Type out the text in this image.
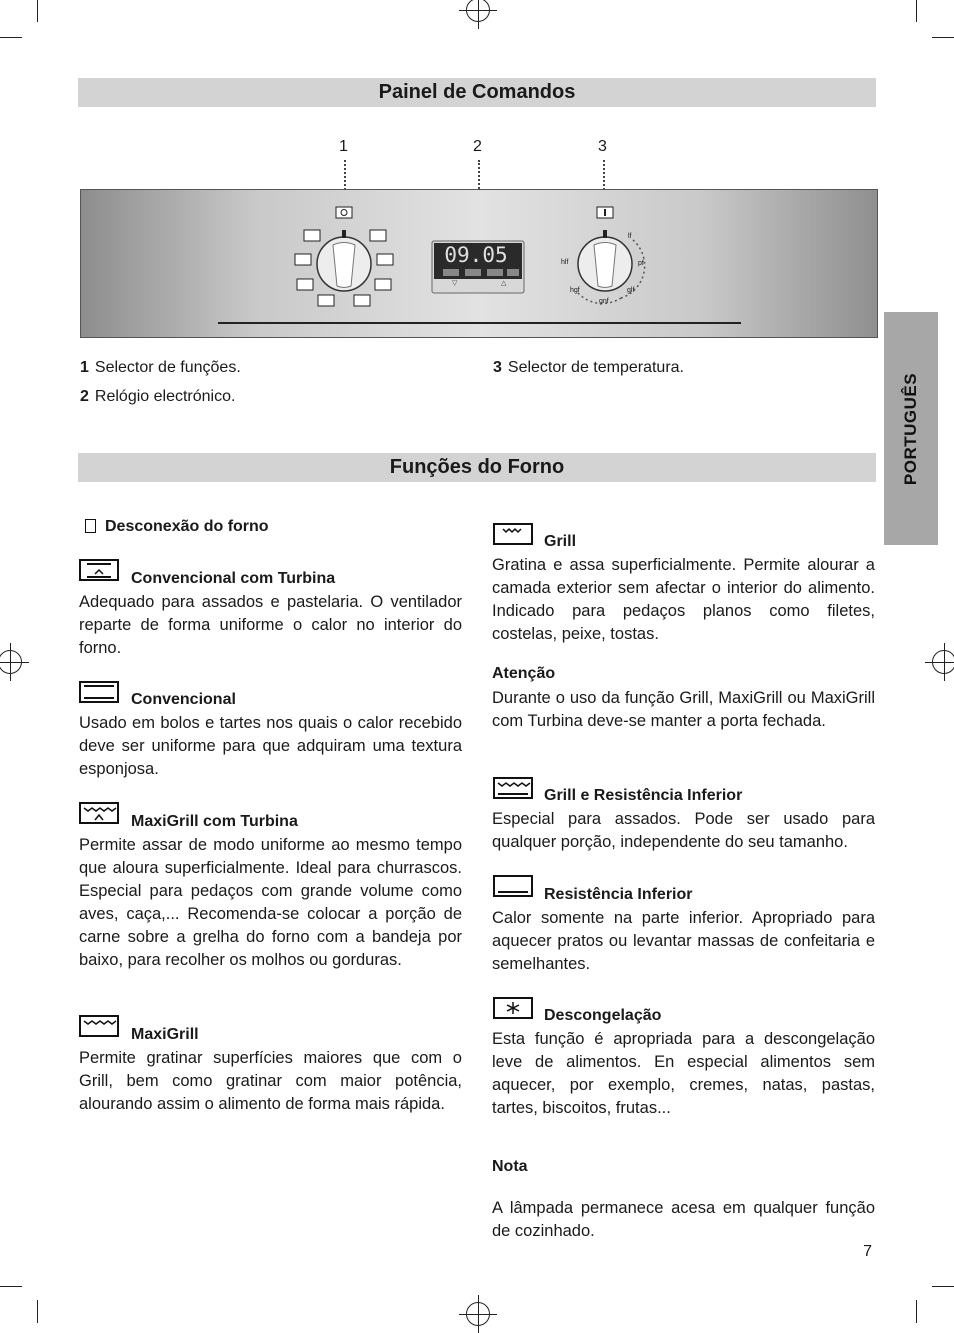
Painel de Comandos
1	2	3
▽	△
09.05	hlf
lf
pf
hgf
gnf
glf
1 Selector de funções.
2 Relógio electrónico.
3 Selector de temperatura.
PORTUGUÊS
Funções do Forno
Desconexão do forno
Convencional com Turbina
Adequado para assados e pastelaria. O ventilador reparte de forma uniforme o calor no interior do forno.
Convencional
Usado em bolos e tartes nos quais o calor recebido deve ser uniforme para que adquiram uma textura esponjosa.
MaxiGrill com Turbina
Permite assar de modo uniforme ao mesmo tempo que aloura superficialmente. Ideal para churrascos. Especial para pedaços com grande volume como aves, caça,... Recomenda-se colocar a porção de carne sobre a grelha do forno com a bandeja por baixo, para recolher os molhos ou gorduras.
MaxiGrill
Permite gratinar superfícies maiores que com o Grill, bem como gratinar com maior potência, alourando assim o alimento de forma mais rápida.
Grill
Gratina e assa superficialmente. Permite alourar a camada exterior sem afectar o interior do alimento. Indicado para pedaços planos como filetes, costelas, peixe, tostas.
Atenção
Durante o uso da função Grill, MaxiGrill ou MaxiGrill com Turbina deve-se manter a porta fechada.
Grill e Resistência Inferior
Especial para assados. Pode ser usado para qualquer porção, independente do seu tamanho.
Resistência Inferior
Calor somente na parte inferior. Apropriado para aquecer pratos ou levantar massas de confeitaria e semelhantes.
Descongelação
Esta função é apropriada para a descongelação leve de alimentos. En especial alimentos sem aquecer, por exemplo, cremes, natas, pastas, tartes, biscoitos, frutas...
Nota
A lâmpada permanece acesa em qualquer função de cozinhado.
7
